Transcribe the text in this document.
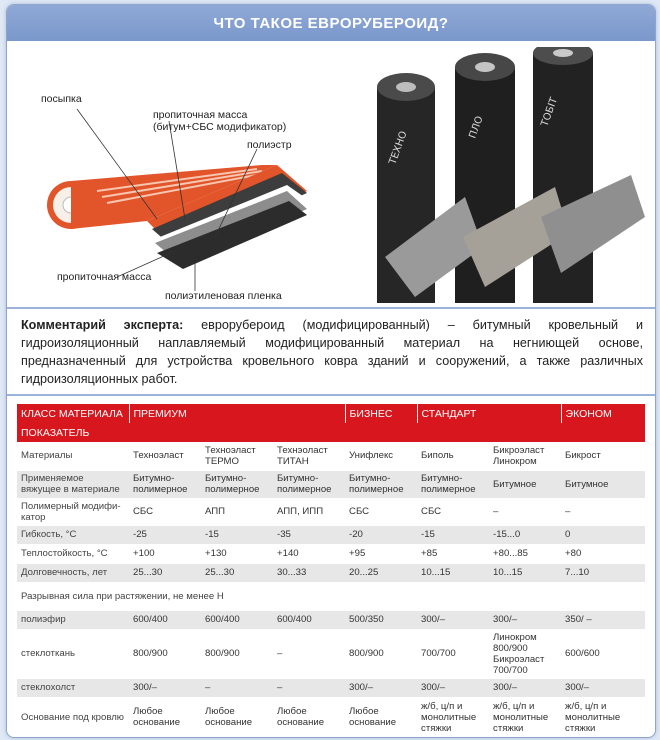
ЧТО ТАКОЕ ЕВРОРУБЕРОИД?
посыпка
пропиточная масса
(битум+СБС модификатор)
полиэстр
пропиточная масса
полиэтиленовая пленка
ТЕХНО
ПЛО	ТОБІТ
Комментарий эксперта: еврорубероид (модифицированный) – битумный кровельный и гидроизоляционный наплавляемый модифицированный материал на негниющей основе, предназначенный для устройства кровельного ковра зданий и сооружений, а также различных гидроизоляционных работ.
КЛАСС МАТЕРИАЛА	ПРЕМИУМ			БИЗНЕС	СТАНДАРТ		ЭКОНОМ
ПОКАЗАТЕЛЬ							
Материалы	Техноэласт	Техноэласт ТЕРМО	Технэоласт ТИТАН	Унифлекс	Биполь	Бикроэласт Линокром	Бикрост
Применяемое вяжущее в материале	Битумно-полимерное	Битумно-полимерное	Битумно-полимерное	Битумно-полимерное	Битумно-полимерное	Битумное	Битумное
Полимерный модифи-катор	СБС	АПП	АПП, ИПП	СБС	СБС	–	–
Гибкость, °С	-25	-15	-35	-20	-15	-15...0	0
Теплостойкость, °С	+100	+130	+140	+95	+85	+80...85	+80
Долговечность, лет	25...30	25...30	30...33	20...25	10...15	10...15	7...10
Разрывная сила при растяжении, не менее Н							
полиэфир	600/400	600/400	600/400	500/350	300/–	300/–	350/ –
стеклоткань	800/900	800/900	–	800/900	700/700	Линокром 800/900 Бикроэласт 700/700	600/600
стеклохолст	300/–	–	–	300/–	300/–	300/–	300/–
Основание под кровлю	Любое основание	Любое основание	Любое основание	Любое основание	ж/б, ц/п и монолитные стяжки	ж/б, ц/п и монолитные стяжки	ж/б, ц/п и монолитные стяжки
